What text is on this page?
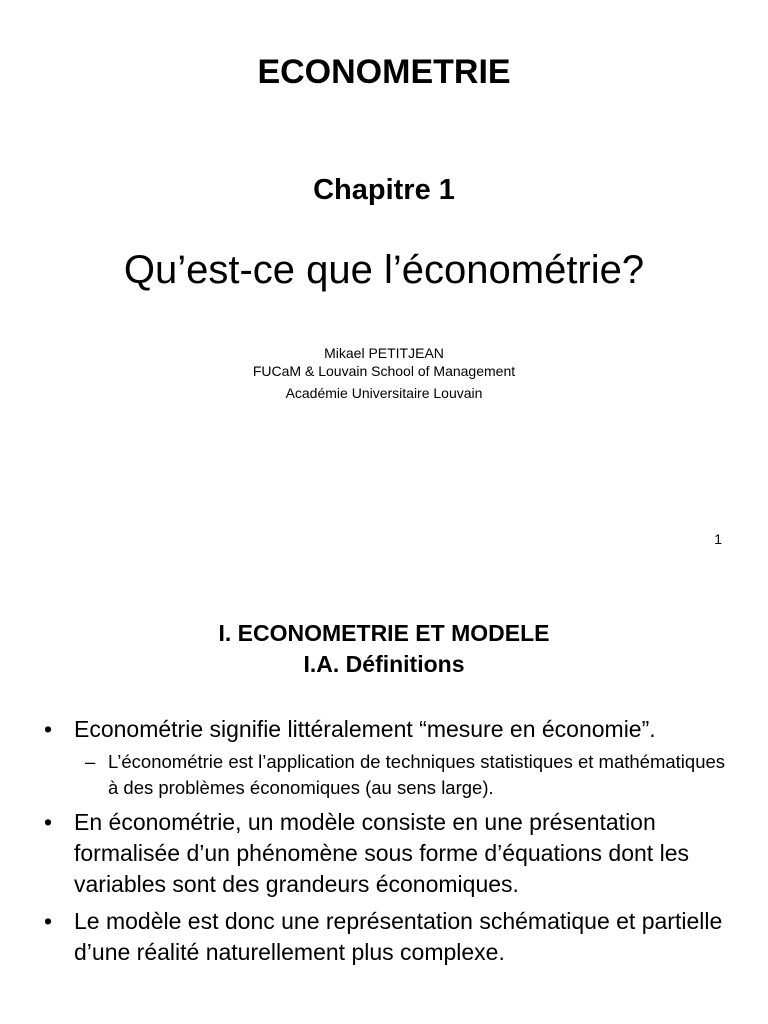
ECONOMETRIE
Chapitre 1
Qu’est-ce que l’économétrie?
Mikael PETITJEAN
FUCaM & Louvain School of Management
Académie Universitaire Louvain
1
I. ECONOMETRIE ET MODELE
I.A. Définitions
• Econométrie signifie littéralement “mesure en économie”.
– L’économétrie est l’application de techniques statistiques et mathématiques à des problèmes économiques (au sens large).
• En économétrie, un modèle consiste en une présentation formalisée d’un phénomène sous forme d’équations dont les variables sont des grandeurs économiques.
• Le modèle est donc une représentation schématique et partielle d’une réalité naturellement plus complexe.
